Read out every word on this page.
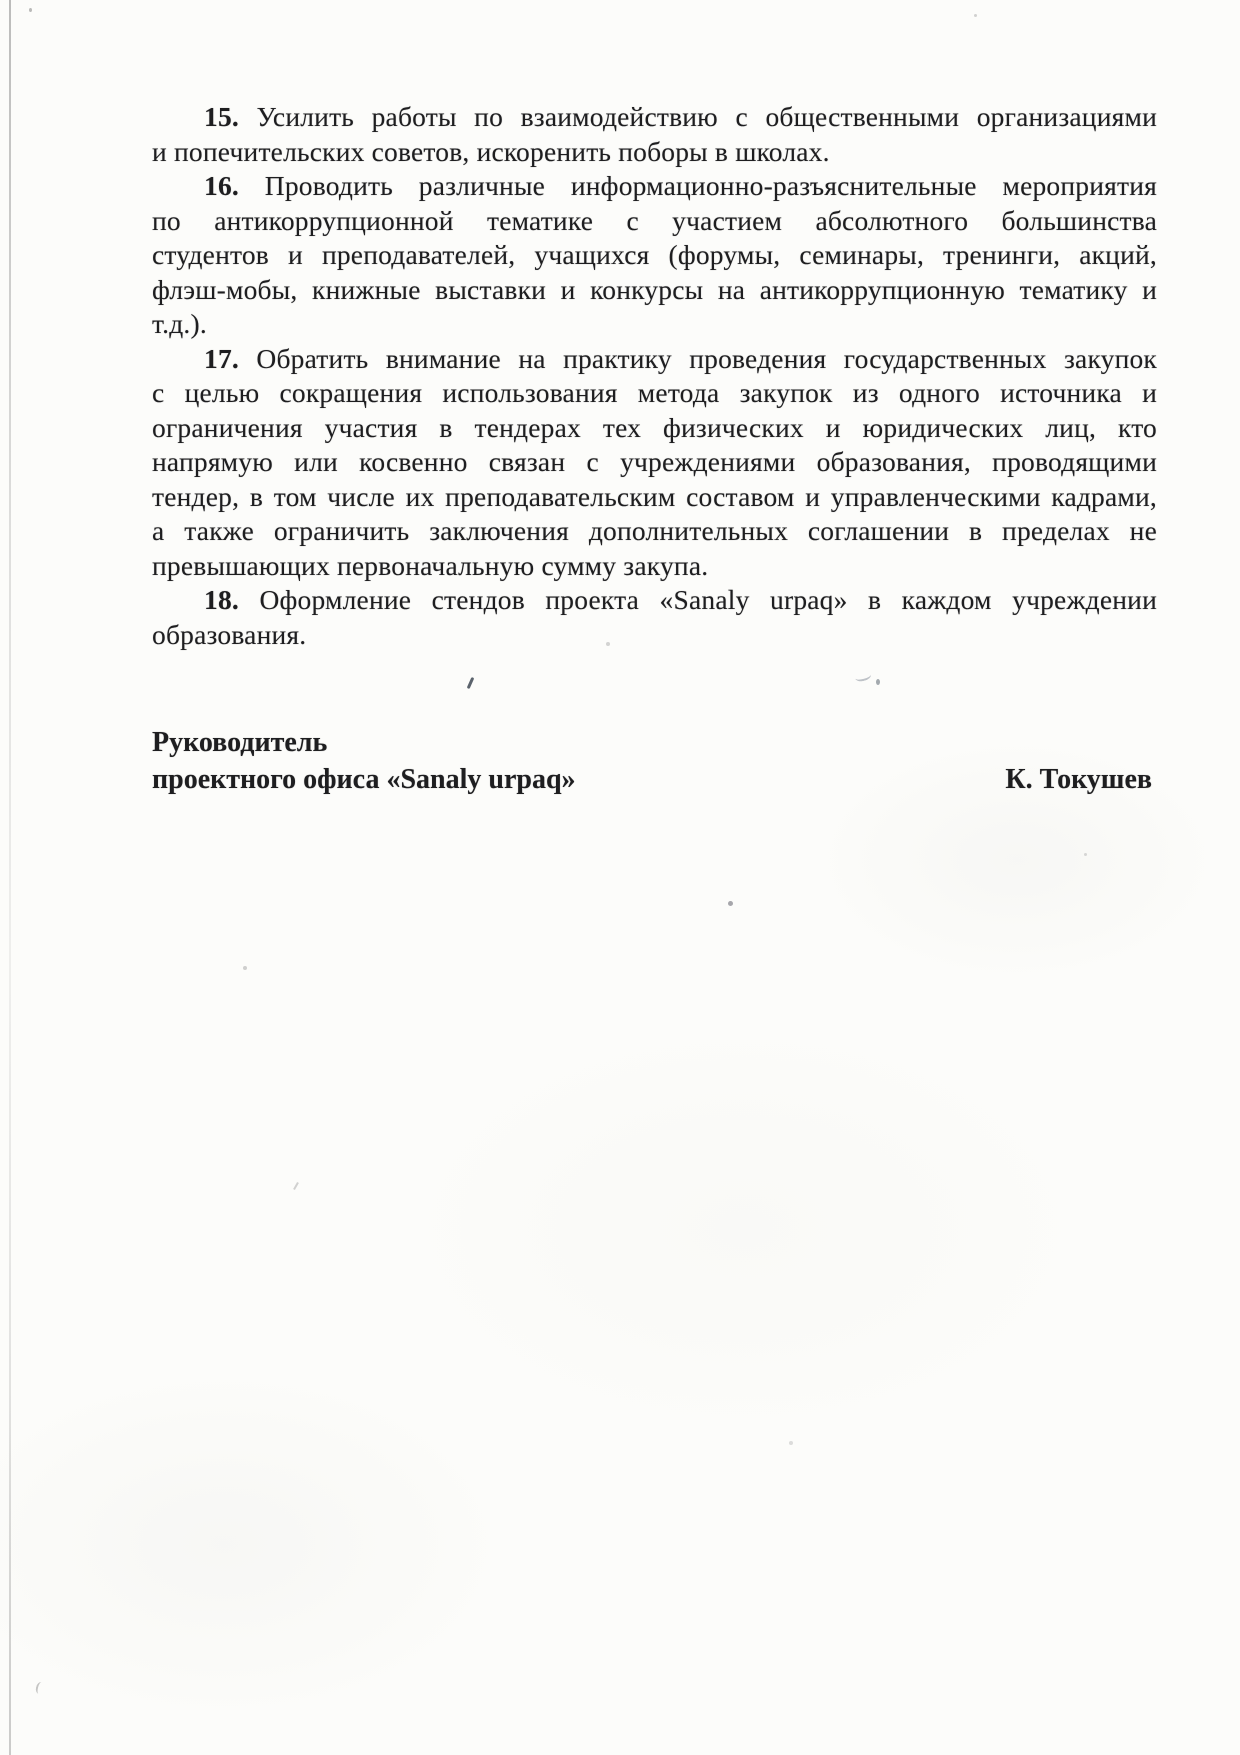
15. Усилить работы по взаимодействию с общественными организациями
и попечительских советов, искоренить поборы в школах.
16. Проводить различные информационно-разъяснительные мероприятия
по антикоррупционной тематике с участием абсолютного большинства
студентов и преподавателей, учащихся (форумы, семинары, тренинги, акций,
флэш-мобы, книжные выставки и конкурсы на антикоррупционную тематику и
т.д.).
17. Обратить внимание на практику проведения государственных закупок
с целью сокращения использования метода закупок из одного источника и
ограничения участия в тендерах тех физических и юридических лиц, кто
напрямую или косвенно связан с учреждениями образования, проводящими
тендер, в том числе их преподавательским составом и управленческими кадрами,
а также ограничить заключения дополнительных соглашении в пределах не
превышающих первоначальную сумму закупа.
18. Оформление стендов проекта «Sanaly urpaq» в каждом учреждении
образования.
Руководитель
проектного офиса «Sanaly urpaq»	К. Токушев
